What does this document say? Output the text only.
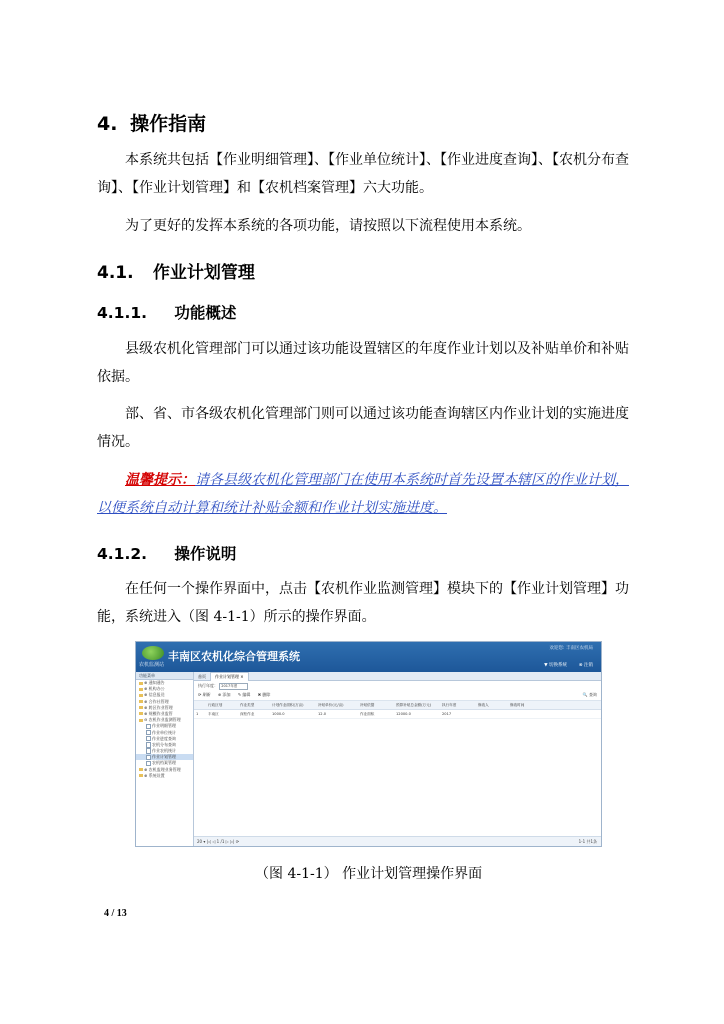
4. 操作指南
本系统共包括【作业明细管理】、【作业单位统计】、【作业进度查询】、【农机分布查询】、【作业计划管理】和【农机档案管理】六大功能。
为了更好的发挥本系统的各项功能，请按照以下流程使用本系统。
4.1. 作业计划管理
4.1.1. 功能概述
县级农机化管理部门可以通过该功能设置辖区的年度作业计划以及补贴单价和补贴依据。
部、省、市各级农机化管理部门则可以通过该功能查询辖区内作业计划的实施进度情况。
温馨提示：请各县级农机化管理部门在使用本系统时首先设置本辖区的作业计划，以便系统自动计算和统计补贴金额和作业计划实施进度。
4.1.2. 操作说明
在任何一个操作界面中，点击【农机作业监测管理】模块下的【作业计划管理】功能，系统进入（图 4-1-1）所示的操作界面。
农机监测站
丰南区农机化综合管理系统
欢迎您: 丰南区农机局
▼ 切换系统	⊗ 注销
功能菜单
⊕ 通知通告
⊕ 机构办公
⊕ 信息报送
⊕ 合作社管理
⊕ 跨区作业管理
⊕ 规模作业监管
⊖ 农机作业监测管理
作业明细管理
作业单位统计
作业进度查询
农机分布查询
作业农机统计
作业计划管理
农机档案管理
⊕ 农机监理业务管理
⊕ 系统设置
首页 作业计划管理 ×
执行年度： 2017年度
⟳ 刷新 ⊕ 添加 ✎ 编辑 ✖ 删除	🔍 查询
行政区划	作业类型	计划作业面积(万亩)	补贴单价(元/亩)	补贴依据	预算补贴总金额(万元)	执行年度	修改人	修改时间
1	丰南区	深松作业	1000.0	12.0	作业面积	12000.0	2017
20 ▾ |◁ ◁ 1 /1 ▷ ▷| ⟳	1-1 共1条
（图 4-1-1） 作业计划管理操作界面
4 / 13
